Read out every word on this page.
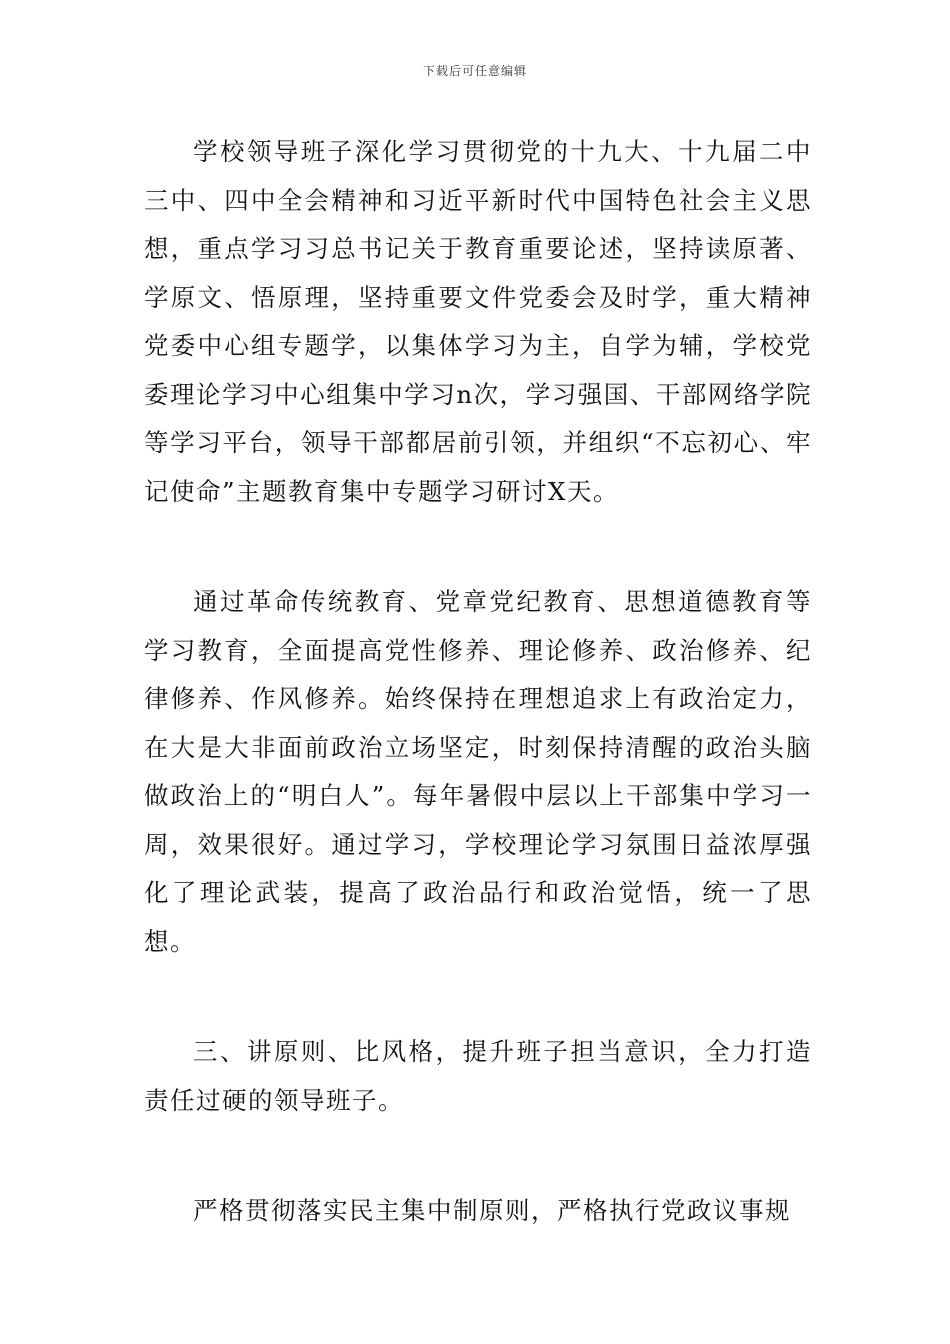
下载后可任意编辑

学校领导班子深化学习贯彻党的十九大、十九届二中三中、四中全会精神和习近平新时代中国特色社会主义思想，重点学习习总书记关于教育重要论述，坚持读原著、学原文、悟原理，坚持重要文件党委会及时学，重大精神党委中心组专题学，以集体学习为主，自学为辅，学校党委理论学习中心组集中学习n次，学习强国、干部网络学院等学习平台，领导干部都居前引领，并组织“不忘初心、牢记使命”主题教育集中专题学习研讨X天。

通过革命传统教育、党章党纪教育、思想道德教育等学习教育，全面提高党性修养、理论修养、政治修养、纪律修养、作风修养。始终保持在理想追求上有政治定力，在大是大非面前政治立场坚定，时刻保持清醒的政治头脑做政治上的“明白人”。每年暑假中层以上干部集中学习一周，效果很好。通过学习，学校理论学习氛围日益浓厚强化了理论武装，提高了政治品行和政治觉悟，统一了思想。

三、讲原则、比风格，提升班子担当意识，全力打造责任过硬的领导班子。

严格贯彻落实民主集中制原则，严格执行党政议事规
